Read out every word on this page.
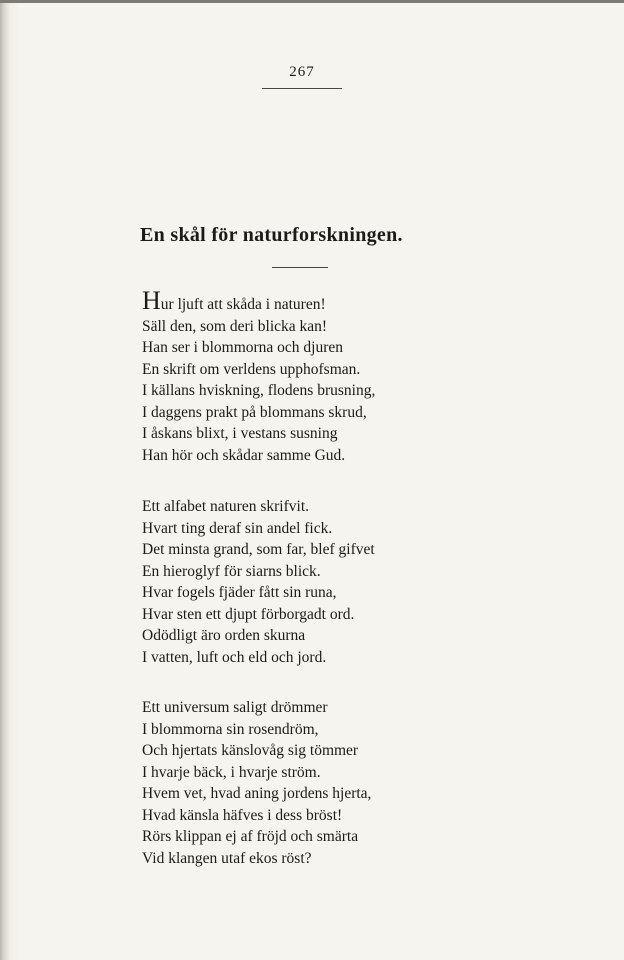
267
En skål för naturforskningen.
Hur ljuft att skåda i naturen!
Säll den, som deri blicka kan!
Han ser i blommorna och djuren
En skrift om verldens upphofsman.
I källans hviskning, flodens brusning,
I daggens prakt på blommans skrud,
I åskans blixt, i vestans susning
Han hör och skådar samme Gud.
Ett alfabet naturen skrifvit.
Hvart ting deraf sin andel fick.
Det minsta grand, som far, blef gifvet
En hieroglyf för siarns blick.
Hvar fogels fjäder fått sin runa,
Hvar sten ett djupt förborgadt ord.
Odödligt äro orden skurna
I vatten, luft och eld och jord.
Ett universum saligt drömmer
I blommorna sin rosendröm,
Och hjertats känslovåg sig tömmer
I hvarje bäck, i hvarje ström.
Hvem vet, hvad aning jordens hjerta,
Hvad känsla häfves i dess bröst!
Rörs klippan ej af fröjd och smärta
Vid klangen utaf ekos röst?
